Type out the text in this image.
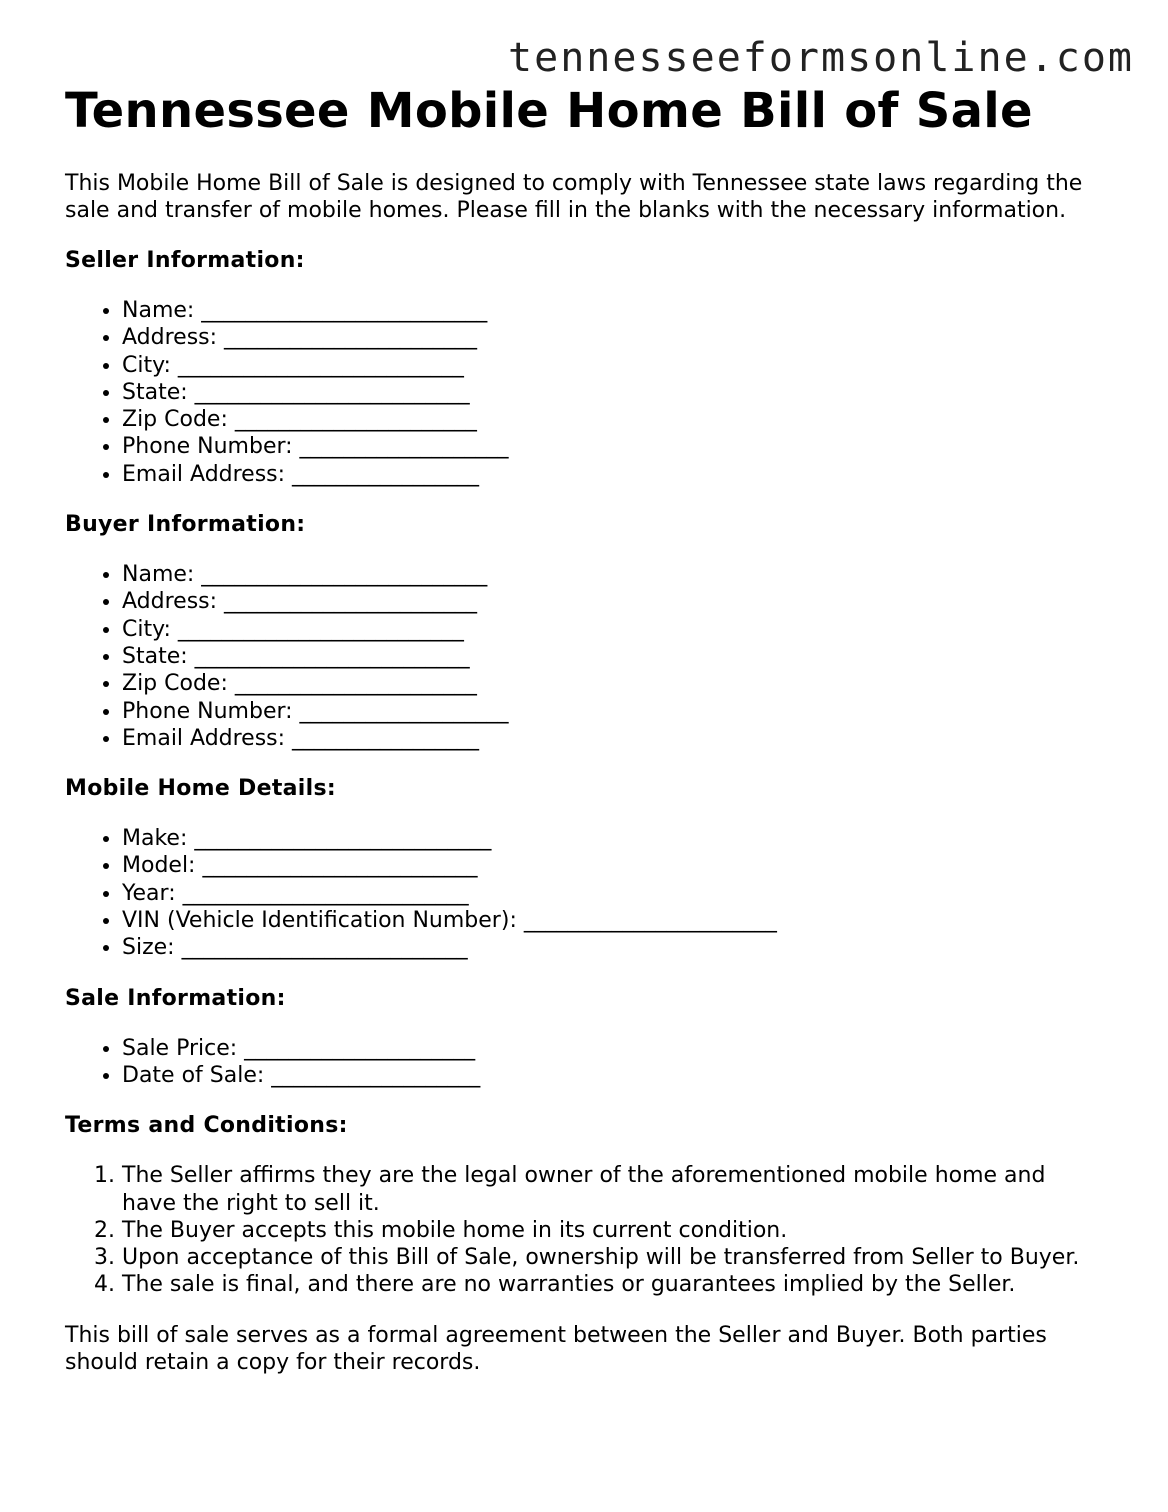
tennesseeformsonline.com
Tennessee Mobile Home Bill of Sale

This Mobile Home Bill of Sale is designed to comply with Tennessee state laws regarding the sale and transfer of mobile homes. Please fill in the blanks with the necessary information.

Seller Information:
• Name: __________________________
• Address: _______________________
• City: __________________________
• State: _________________________
• Zip Code: ______________________
• Phone Number: ___________________
• Email Address: _________________
Buyer Information:
• Name: __________________________
• Address: _______________________
• City: __________________________
• State: _________________________
• Zip Code: ______________________
• Phone Number: ___________________
• Email Address: _________________
Mobile Home Details:
• Make: ___________________________
• Model: _________________________
• Year: __________________________
• VIN (Vehicle Identification Number): _______________________
• Size: __________________________
Sale Information:
• Sale Price: _____________________
• Date of Sale: ___________________
Terms and Conditions:
1. The Seller affirms they are the legal owner of the aforementioned mobile home and have the right to sell it.
2. The Buyer accepts this mobile home in its current condition.
3. Upon acceptance of this Bill of Sale, ownership will be transferred from Seller to Buyer.
4. The sale is final, and there are no warranties or guarantees implied by the Seller.

This bill of sale serves as a formal agreement between the Seller and Buyer. Both parties should retain a copy for their records.
